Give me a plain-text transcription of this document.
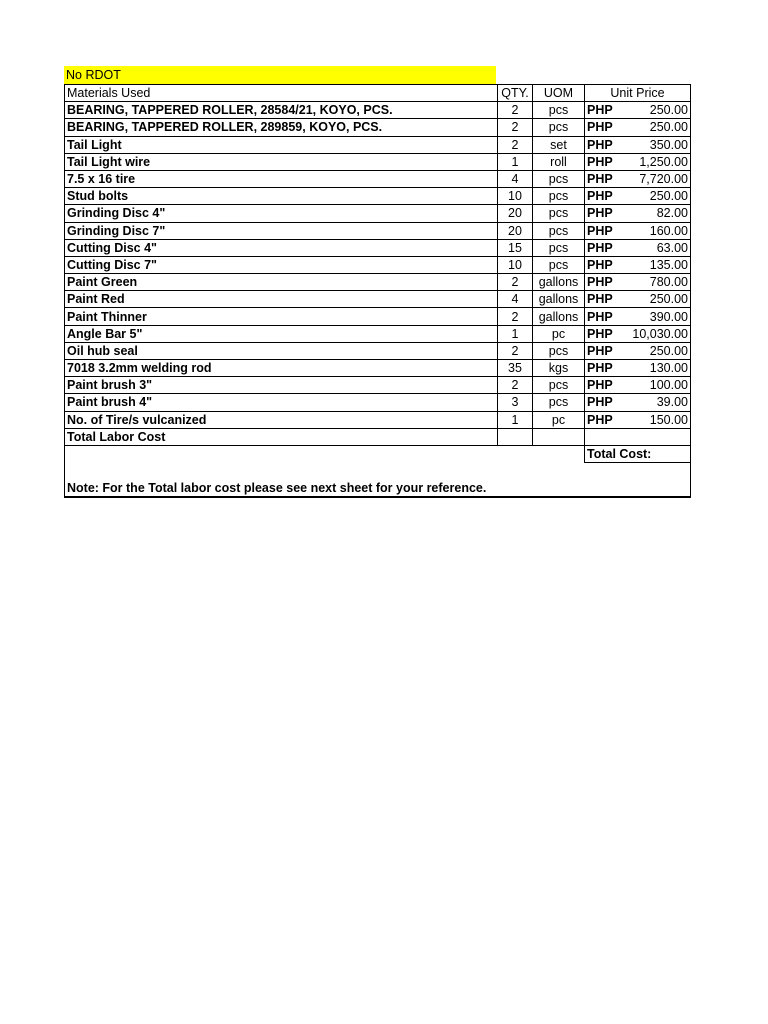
No RDOT
Materials Used	QTY.	UOM	Unit Price	
BEARING, TAPPERED ROLLER, 28584/21, KOYO, PCS.	2	pcs	PHP	250.00
BEARING, TAPPERED ROLLER, 289859, KOYO, PCS.	2	pcs	PHP	250.00
Tail Light	2	set	PHP	350.00
Tail Light wire	1	roll	PHP	1,250.00
7.5 x 16 tire	4	pcs	PHP	7,720.00
Stud bolts	10	pcs	PHP	250.00
Grinding Disc 4"	20	pcs	PHP	82.00
Grinding Disc 7"	20	pcs	PHP	160.00
Cutting Disc 4"	15	pcs	PHP	63.00
Cutting Disc 7"	10	pcs	PHP	135.00
Paint Green	2	gallons	PHP	780.00
Paint Red	4	gallons	PHP	250.00
Paint Thinner	2	gallons	PHP	390.00
Angle Bar 5"	1	pc	PHP	10,030.00
Oil hub seal	2	pcs	PHP	250.00
7018 3.2mm welding rod	35	kgs	PHP	130.00
Paint brush 3"	2	pcs	PHP	100.00
Paint brush 4"	3	pcs	PHP	39.00
No. of Tire/s vulcanized	1	pc	PHP	150.00
Total Labor Cost				
			Total Cost:	

Note: For the Total labor cost please see next sheet for your reference.				
